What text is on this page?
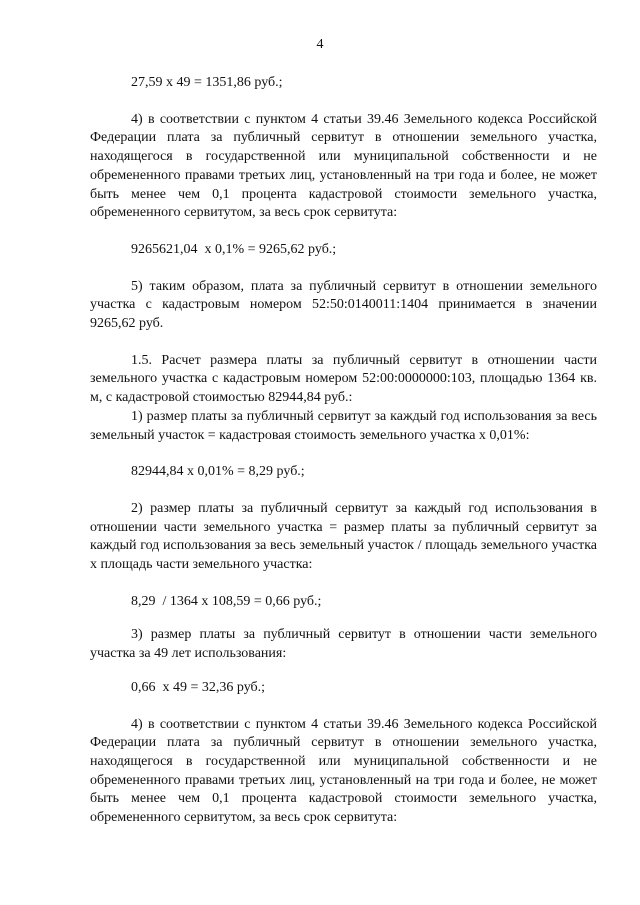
4

27,59 х 49 = 1351,86 руб.;

4) в соответствии с пунктом 4 статьи 39.46 Земельного кодекса Российской Федерации плата за публичный сервитут в отношении земельного участка, находящегося в государственной или муниципальной собственности и не обремененного правами третьих лиц, установленный на три года и более, не может быть менее чем 0,1 процента кадастровой стоимости земельного участка, обремененного сервитутом, за весь срок сервитута:

9265621,04  х 0,1% = 9265,62 руб.;

5) таким образом, плата за публичный сервитут в отношении земельного участка с кадастровым номером 52:50:0140011:1404 принимается в значении 9265,62 руб.

1.5. Расчет размера платы за публичный сервитут в отношении части земельного участка с кадастровым номером 52:00:0000000:103, площадью 1364 кв. м, с кадастровой стоимостью 82944,84 руб.:

1) размер платы за публичный сервитут за каждый год использования за весь земельный участок = кадастровая стоимость земельного участка х 0,01%:

82944,84 х 0,01% = 8,29 руб.;

2) размер платы за публичный сервитут за каждый год использования в отношении части земельного участка = размер платы за публичный сервитут за каждый год использования за весь земельный участок / площадь земельного участка х площадь части земельного участка:

8,29  / 1364 х 108,59 = 0,66 руб.;

3) размер платы за публичный сервитут в отношении части земельного участка за 49 лет использования:

0,66  х 49 = 32,36 руб.;

4) в соответствии с пунктом 4 статьи 39.46 Земельного кодекса Российской Федерации плата за публичный сервитут в отношении земельного участка, находящегося в государственной или муниципальной собственности и не обремененного правами третьих лиц, установленный на три года и более, не может быть менее чем 0,1 процента кадастровой стоимости земельного участка, обремененного сервитутом, за весь срок сервитута:
